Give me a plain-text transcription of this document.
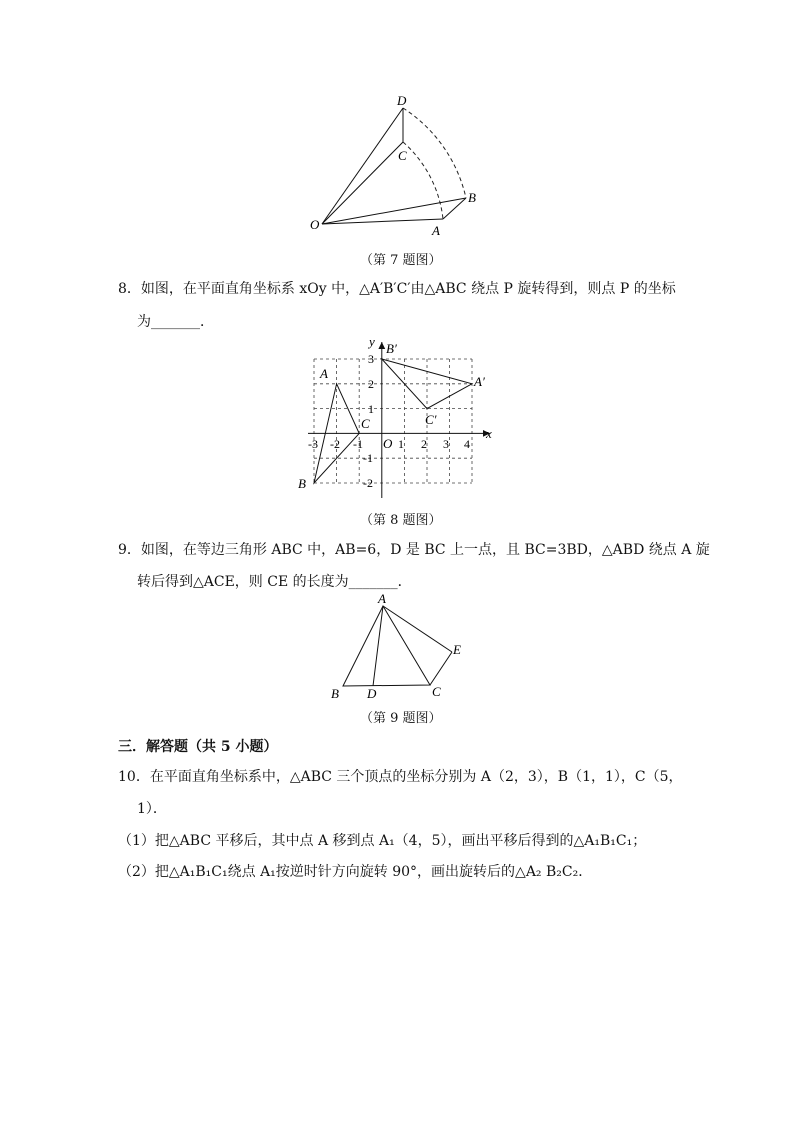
D
C
B
A
O
（第 7 题图）
8．如图，在平面直角坐标系 xOy 中，△A′B′C′由△ABC 绕点 P 旋转得到，则点 P 的坐标
为_______．
x
y
O
-3 -2 -1	1 2 3 4
3
2
1
-1
-2
A
B
C
A′
B′
C′
（第 8 题图）
9．如图，在等边三角形 ABC 中，AB=6，D 是 BC 上一点，且 BC=3BD，△ABD 绕点 A 旋
转后得到△ACE，则 CE 的长度为_______．
A
B D	C
E
（第 9 题图）
三．解答题（共 5 小题）
10．在平面直角坐标系中，△ABC 三个顶点的坐标分别为 A（2，3），B（1，1），C（5，
1）．
（1）把△ABC 平移后，其中点 A 移到点 A₁（4，5），画出平移后得到的△A₁B₁C₁；
（2）把△A₁B₁C₁绕点 A₁按逆时针方向旋转 90°，画出旋转后的△A₂ B₂C₂．
